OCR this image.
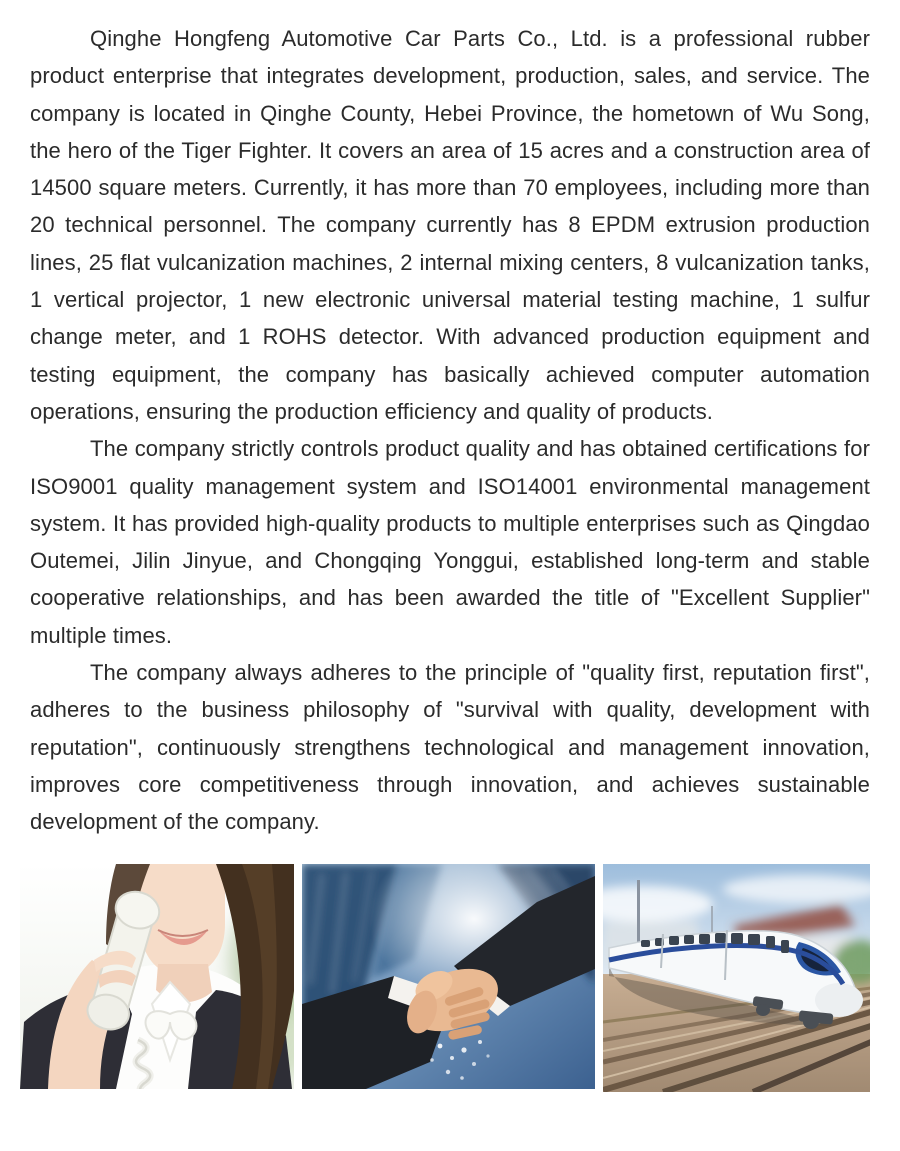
Qinghe Hongfeng Automotive Car Parts Co., Ltd. is a professional rubber product enterprise that integrates development, production, sales, and service. The company is located in Qinghe County, Hebei Province, the hometown of Wu Song, the hero of the Tiger Fighter. It covers an area of 15 acres and a construction area of 14500 square meters. Currently, it has more than 70 employees, including more than 20 technical personnel. The company currently has 8 EPDM extrusion production lines, 25 flat vulcanization machines, 2 internal mixing centers, 8 vulcanization tanks, 1 vertical projector, 1 new electronic universal material testing machine, 1 sulfur change meter, and 1 ROHS detector. With advanced production equipment and testing equipment, the company has basically achieved computer automation operations, ensuring the production efficiency and quality of products.

The company strictly controls product quality and has obtained certifications for ISO9001 quality management system and ISO14001 environmental management system. It has provided high-quality products to multiple enterprises such as Qingdao Outemei, Jilin Jinyue, and Chongqing Yonggui, established long-term and stable cooperative relationships, and has been awarded the title of "Excellent Supplier" multiple times.

The company always adheres to the principle of "quality first, reputation first", adheres to the business philosophy of "survival with quality, development with reputation", continuously strengthens technological and management innovation, improves core competitiveness through innovation, and achieves sustainable development of the company.
